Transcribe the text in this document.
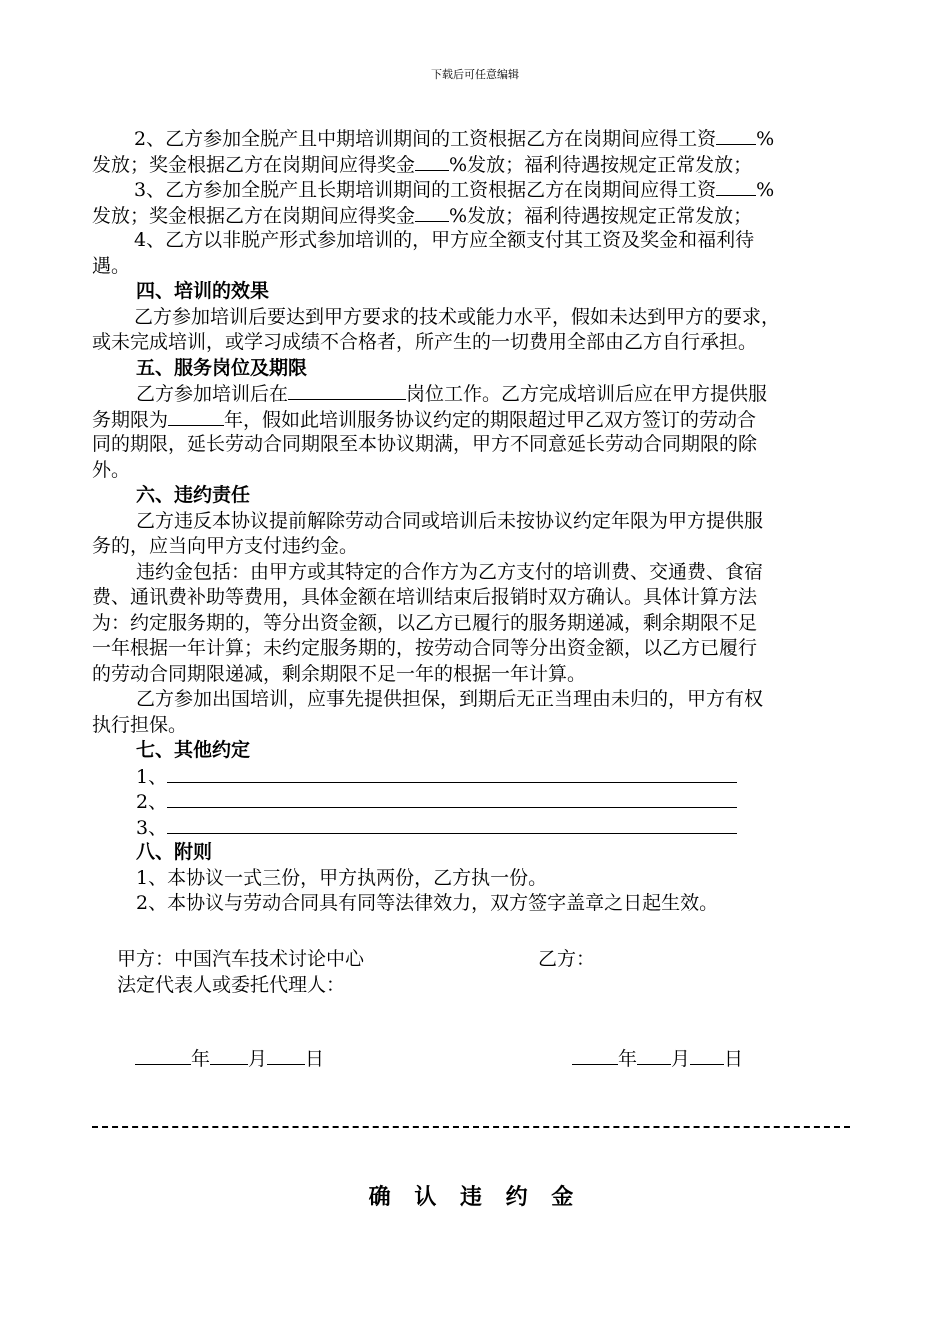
下载后可任意编辑
2、乙方参加全脱产且中期培训期间的工资根据乙方在岗期间应得工资 %
发放；奖金根据乙方在岗期间应得奖金 %发放；福利待遇按规定正常发放；
3、乙方参加全脱产且长期培训期间的工资根据乙方在岗期间应得工资 %
发放；奖金根据乙方在岗期间应得奖金 %发放；福利待遇按规定正常发放；
4、乙方以非脱产形式参加培训的，甲方应全额支付其工资及奖金和福利待
遇。
四、培训的效果
乙方参加培训后要达到甲方要求的技术或能力水平，假如未达到甲方的要求，
或未完成培训，或学习成绩不合格者，所产生的一切费用全部由乙方自行承担。
五、服务岗位及期限
乙方参加培训后在	岗位工作。乙方完成培训后应在甲方提供服
务期限为	年，假如此培训服务协议约定的期限超过甲乙双方签订的劳动合
同的期限，延长劳动合同期限至本协议期满，甲方不同意延长劳动合同期限的除
外。
六、违约责任
乙方违反本协议提前解除劳动合同或培训后未按协议约定年限为甲方提供服
务的，应当向甲方支付违约金。
违约金包括：由甲方或其特定的合作方为乙方支付的培训费、交通费、食宿
费、通讯费补助等费用，具体金额在培训结束后报销时双方确认。具体计算方法
为：约定服务期的，等分出资金额，以乙方已履行的服务期递减，剩余期限不足
一年根据一年计算；未约定服务期的，按劳动合同等分出资金额，以乙方已履行
的劳动合同期限递减，剩余期限不足一年的根据一年计算。
乙方参加出国培训，应事先提供担保，到期后无正当理由未归的，甲方有权
执行担保。
七、其他约定
1、
2、
3、
八、附则
1、本协议一式三份，甲方执两份，乙方执一份。
2、本协议与劳动合同具有同等法律效力，双方签字盖章之日起生效。
甲方：中国汽车技术讨论中心	乙方：
法定代表人或委托代理人：
年 月 日	年 月 日
确 认 违 约 金
